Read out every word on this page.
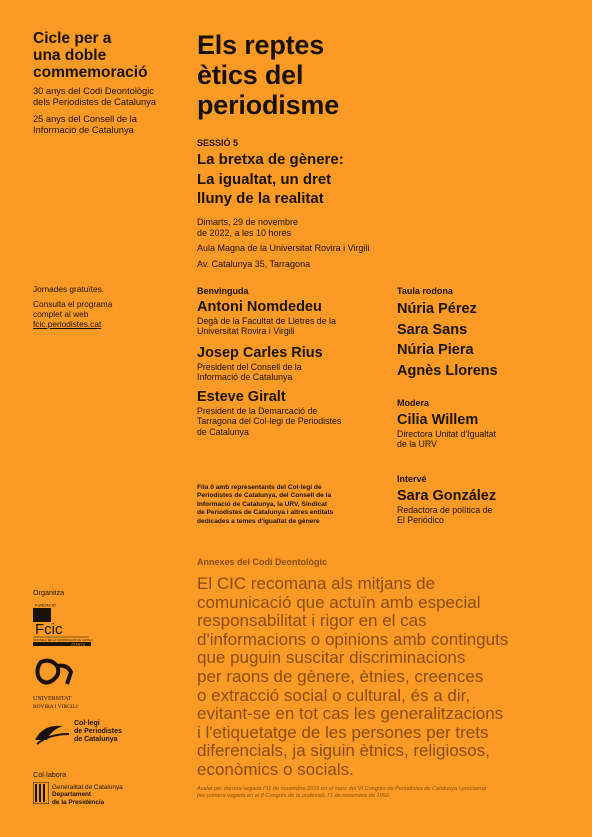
Cicle per a
una doble
commemoració
30 anys del Codi Deontològic
dels Periodistes de Catalunya
25 anys del Consell de la
Informació de Catalunya
Jornades gratuïtes.
Consulta el programa
complet al web
fcic.periodistes.cat
Els reptes
ètics del
periodisme
SESSIÓ 5
La bretxa de gènere:
La igualtat, un dret
lluny de la realitat
Dimarts, 29 de novembre
de 2022, a les 10 hores
Aula Magna de la Universitat Rovira i Virgili
Av. Catalunya 35, Tarragona
Benvinguda
Antoni Nomdedeu
Degà de la Facultat de Lletres de la
Universitat Rovira i Virgili
Josep Carles Rius
President del Consell de la
Informació de Catalunya
Esteve Giralt
President de la Demarcació de
Tarragona del Col·legi de Periodistes
de Catalunya
Fila 0 amb representants del Col·legi de
Periodistes de Catalunya, del Consell de la
Informació de Catalunya, la URV, Sindicat
de Periodistes de Catalunya i altres entitats
dedicades a temes d'igualtat de gènere
Taula rodona
Núria Pérez
Sara Sans
Núria Piera
Agnès Llorens
Modera
Cilia Willem
Directora Unitat d'Igualtat
de la URV
Intervé
Sara González
Redactora de política de
El Periódico
Annexes del Codi Deontològic
El CIC recomana als mitjans de
comunicació que actuïn amb especial
responsabilitat i rigor en el cas
d'informacions o opinions amb continguts
que puguin suscitar discriminacions
per raons de gènere, ètnies, creences
o extracció social o cultural, és a dir,
evitant-se en tot cas les generalitzacions
i l'etiquetatge de les persones per trets
diferencials, ja siguin ètnics, religiosos,
econòmics o socials.
Avalat per darrera vegada l'11 de novembre 2016 en el marc del VI Congrés de Periodistes de Catalunya i proclamat
per primera vegada en el II Congrés de la professió, l'1 de novembre de 1992.
Organitza
FUNDACIÓ
Fcic
CONSELL DE LA INFORMACIÓ DE CATALUNYA
25 ANYS
UNIVERSITAT
ROVIRA I VIRGILI
Col·legi
de Periodistes
de Catalunya
Col·labora
Generalitat de Catalunya
Departament
de la Presidència
